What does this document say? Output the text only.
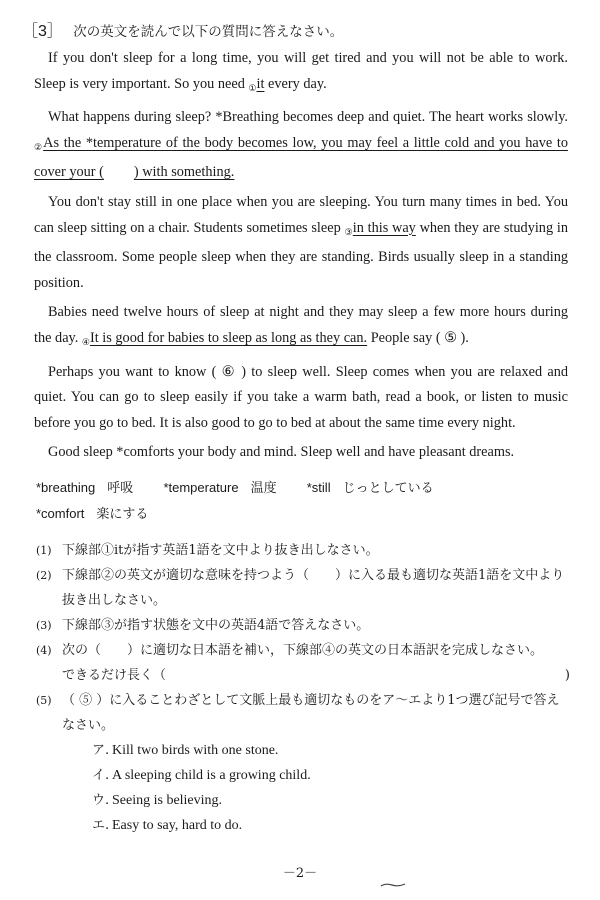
［3］ 次の英文を読んで以下の質問に答えなさい。

If you don't sleep for a long time, you will get tired and you will not be able to work. Sleep is very important. So you need $_①$it every day.

What happens during sleep? *Breathing becomes deep and quiet. The heart works slowly. $_②$As the *temperature of the body becomes low, you may feel a little cold and you have to cover your ( ) with something.

You don't stay still in one place when you are sleeping. You turn many times in bed. You can sleep sitting on a chair. Students sometimes sleep $_③$in this way when they are studying in the classroom. Some people sleep when they are standing. Birds usually sleep in a standing position.

Babies need twelve hours of sleep at night and they may sleep a few more hours during the day. $_④$It is good for babies to sleep as long as they can. People say ( ⑤ ).

Perhaps you want to know ( ⑥ ) to sleep well. Sleep comes when you are relaxed and quiet. You can go to sleep easily if you take a warm bath, read a book, or listen to music before you go to bed. It is also good to go to bed at about the same time every night.

Good sleep *comforts your body and mind. Sleep well and have pleasant dreams.

*breathing 呼吸 *temperature 温度 *still じっとしている
*comfort 楽にする
(1) 下線部①itが指す英語1語を文中より抜き出しなさい。
(2) 下線部②の英文が適切な意味を持つよう（　　）に入る最も適切な英語1語を文中より
抜き出しなさい。
(3) 下線部③が指す状態を文中の英語4語で答えなさい。
(4) 次の（　　）に適切な日本語を補い，下線部④の英文の日本語訳を完成しなさい。
できるだけ長く（	)
(5) （ ⑤ ）に入ることわざとして文脈上最も適切なものをア～エより1つ選び記号で答え
なさい。
ア. Kill two birds with one stone.
イ. A sleeping child is a growing child.
ウ. Seeing is believing.
エ. Easy to say, hard to do.
－2－
